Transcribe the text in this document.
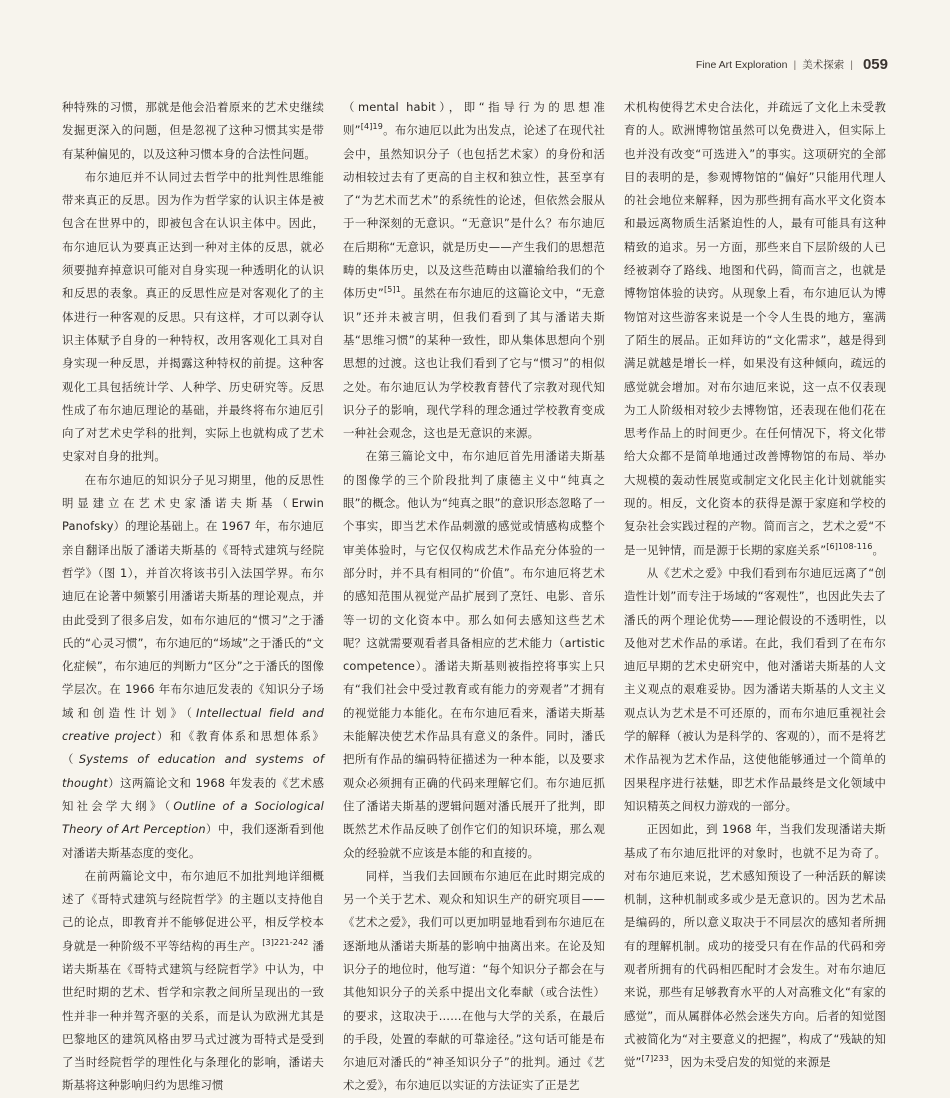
Fine Art Exploration | 美术探索 | 059

种特殊的习惯，那就是他会沿着原来的艺术史继续发掘更深入的问题，但是忽视了这种习惯其实是带有某种偏见的，以及这种习惯本身的合法性问题。

布尔迪厄并不认同过去哲学中的批判性思维能带来真正的反思。因为作为哲学家的认识主体是被包含在世界中的，即被包含在认识主体中。因此，布尔迪厄认为要真正达到一种对主体的反思，就必须要抛弃掉意识可能对自身实现一种透明化的认识和反思的表象。真正的反思性应是对客观化了的主体进行一种客观的反思。只有这样，才可以剥夺认识主体赋予自身的一种特权，改用客观化工具对自身实现一种反思，并揭露这种特权的前提。这种客观化工具包括统计学、人种学、历史研究等。反思性成了布尔迪厄理论的基础，并最终将布尔迪厄引向了对艺术史学科的批判，实际上也就构成了艺术史家对自身的批判。

在布尔迪厄的知识分子见习期里，他的反思性明显建立在艺术史家潘诺夫斯基（Erwin Panofsky）的理论基础上。在 1967 年，布尔迪厄亲自翻译出版了潘诺夫斯基的《哥特式建筑与经院哲学》（图 1），并首次将该书引入法国学界。布尔迪厄在论著中频繁引用潘诺夫斯基的理论观点，并由此受到了很多启发，如布尔迪厄的“惯习”之于潘氏的“心灵习惯”，布尔迪厄的“场域”之于潘氏的“文化症候”，布尔迪厄的判断力“区分”之于潘氏的图像学层次。在 1966 年布尔迪厄发表的《知识分子场域和创造性计划》（Intellectual field and creative project）和《教育体系和思想体系》（Systems of education and systems of thought）这两篇论文和 1968 年发表的《艺术感知社会学大纲》（Outline of a Sociological Theory of Art Perception）中，我们逐渐看到他对潘诺夫斯基态度的变化。

在前两篇论文中，布尔迪厄不加批判地详细概述了《哥特式建筑与经院哲学》的主题以支持他自己的论点，即教育并不能够促进公平，相反学校本身就是一种阶级不平等结构的再生产。$^{[3]221-242}$ 潘诺夫斯基在《哥特式建筑与经院哲学》中认为，中世纪时期的艺术、哲学和宗教之间所呈现出的一致性并非一种并驾齐驱的关系，而是认为欧洲尤其是巴黎地区的建筑风格由罗马式过渡为哥特式是受到了当时经院哲学的理性化与条理化的影响，潘诺夫斯基将这种影响归约为思维习惯

（mental habit），即“指导行为的思想准则”$^{[4]19}$。布尔迪厄以此为出发点，论述了在现代社会中，虽然知识分子（也包括艺术家）的身份和活动相较过去有了更高的自主权和独立性，甚至享有了“为艺术而艺术”的系统性的论述，但依然会服从于一种深刻的无意识。“无意识”是什么？布尔迪厄在后期称“无意识，就是历史——产生我们的思想范畴的集体历史，以及这些范畴由以灌输给我们的个体历史”$^{[5]1}$。虽然在布尔迪厄的这篇论文中，“无意识”还并未被言明，但我们看到了其与潘诺夫斯基“思维习惯”的某种一致性，即从集体思想向个别思想的过渡。这也让我们看到了它与“惯习”的相似之处。布尔迪厄认为学校教育替代了宗教对现代知识分子的影响，现代学科的理念通过学校教育变成一种社会观念，这也是无意识的来源。

在第三篇论文中，布尔迪厄首先用潘诺夫斯基的图像学的三个阶段批判了康德主义中“纯真之眼”的概念。他认为“纯真之眼”的意识形态忽略了一个事实，即当艺术作品刺激的感觉或情感构成整个审美体验时，与它仅仅构成艺术作品充分体验的一部分时，并不具有相同的“价值”。布尔迪厄将艺术的感知范围从视觉产品扩展到了烹饪、电影、音乐等一切的文化资本中。那么如何去感知这些艺术呢？这就需要观看者具备相应的艺术能力（artistic competence）。潘诺夫斯基则被指控将事实上只有“我们社会中受过教育或有能力的旁观者”才拥有的视觉能力本能化。在布尔迪厄看来，潘诺夫斯基未能解决使艺术作品具有意义的条件。同时，潘氏把所有作品的编码特征描述为一种本能，以及要求观众必须拥有正确的代码来理解它们。布尔迪厄抓住了潘诺夫斯基的逻辑问题对潘氏展开了批判，即既然艺术作品反映了创作它们的知识环境，那么观众的经验就不应该是本能的和直接的。

同样，当我们去回顾布尔迪厄在此时期完成的另一个关于艺术、观众和知识生产的研究项目——《艺术之爱》，我们可以更加明显地看到布尔迪厄在逐渐地从潘诺夫斯基的影响中抽离出来。在论及知识分子的地位时，他写道：“每个知识分子都会在与其他知识分子的关系中提出文化奉献（或合法性）的要求，这取决于……在他与大学的关系，在最后的手段，处置的奉献的可靠途径。”这句话可能是布尔迪厄对潘氏的“神圣知识分子”的批判。通过《艺术之爱》，布尔迪厄以实证的方法证实了正是艺

术机构使得艺术史合法化，并疏远了文化上未受教育的人。欧洲博物馆虽然可以免费进入，但实际上也并没有改变“可选进入”的事实。这项研究的全部目的表明的是，参观博物馆的“偏好”只能用代理人的社会地位来解释，因为那些拥有高水平文化资本和最远离物质生活紧迫性的人，最有可能具有这种精致的追求。另一方面，那些来自下层阶级的人已经被剥夺了路线、地图和代码，简而言之，也就是博物馆体验的诀窍。从现象上看，布尔迪厄认为博物馆对这些游客来说是一个令人生畏的地方，塞满了陌生的展品。正如拜访的“文化需求”，越是得到满足就越是增长一样，如果没有这种倾向，疏远的感觉就会增加。对布尔迪厄来说，这一点不仅表现为工人阶级相对较少去博物馆，还表现在他们花在思考作品上的时间更少。在任何情况下，将文化带给大众都不是简单地通过改善博物馆的布局、举办大规模的轰动性展览或制定文化民主化计划就能实现的。相反，文化资本的获得是源于家庭和学校的复杂社会实践过程的产物。简而言之，艺术之爱“不是一见钟情，而是源于长期的家庭关系”$^{[6]108-116}$。

从《艺术之爱》中我们看到布尔迪厄远离了“创造性计划”而专注于场域的“客观性”，也因此失去了潘氏的两个理论优势——理论假设的不透明性，以及他对艺术作品的承诺。在此，我们看到了在布尔迪厄早期的艺术史研究中，他对潘诺夫斯基的人文主义观点的艰难妥协。因为潘诺夫斯基的人文主义观点认为艺术是不可还原的，而布尔迪厄重视社会学的解释（被认为是科学的、客观的），而不是将艺术作品视为艺术作品，这使他能够通过一个简单的因果程序进行祛魅，即艺术作品最终是文化领域中知识精英之间权力游戏的一部分。

正因如此，到 1968 年，当我们发现潘诺夫斯基成了布尔迪厄批评的对象时，也就不足为奇了。对布尔迪厄来说，艺术感知预设了一种活跃的解读机制，这种机制或多或少是无意识的。因为艺术品是编码的，所以意义取决于不同层次的感知者所拥有的理解机制。成功的接受只有在作品的代码和旁观者所拥有的代码相匹配时才会发生。对布尔迪厄来说，那些有足够教育水平的人对高雅文化“有家的感觉”，而从属群体必然会迷失方向。后者的知觉图式被简化为“对主要意义的把握”，构成了“残缺的知觉”$^{[7]233}$，因为未受启发的知觉的来源是
